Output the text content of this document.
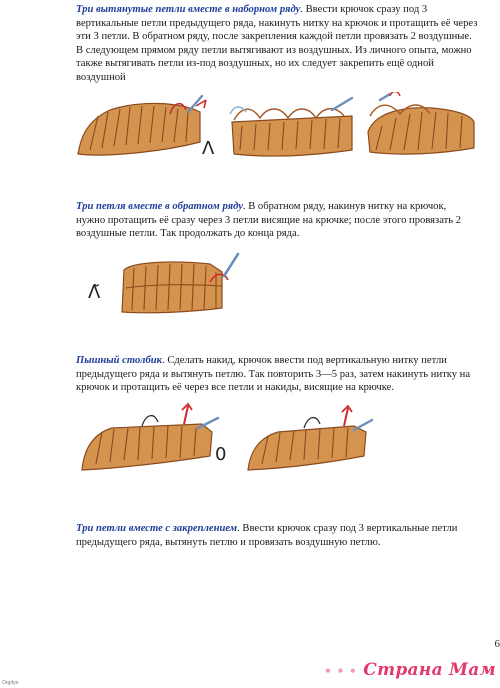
Три вытянутые петли вместе в наборном ряду. Ввести крючок сразу под 3 вертикальные петли предыдущего ряда, накинуть нитку на крючок и протащить её через эти 3 петли. В обратном ряду, после закрепления каждой петли провязать 2 воздушные. В следующем прямом ряду петли вытягивают из воздушных. Из личного опыта, можно также вытягивать петли из-под воздушных, но их следует закрепить ещё одной воздушной

Λ

Три петля вместе в обратном ряду. В обратном ряду, накинув нитку на крючок, нужно протащить её сразу через 3 петли висящие на крючке; после этого провязать 2 воздушные петли. Так продолжать до конца ряда.

Λ̃

Пышный столбик. Сделать накид, крючок ввести под вертикальную нитку петли предыдущего ряда и вытянуть петлю. Так повторить 3—5 раз, затем накинуть нитку на крючок и протащить её через все петли и накиды, висящие на крючке.

0

Три петли вместе с закреплением. Ввести крючок сразу под 3 вертикальные петли предыдущего ряда, вытянуть петлю и провязать воздушную петлю.

6
• • • Страна Мам
Orgdyo
